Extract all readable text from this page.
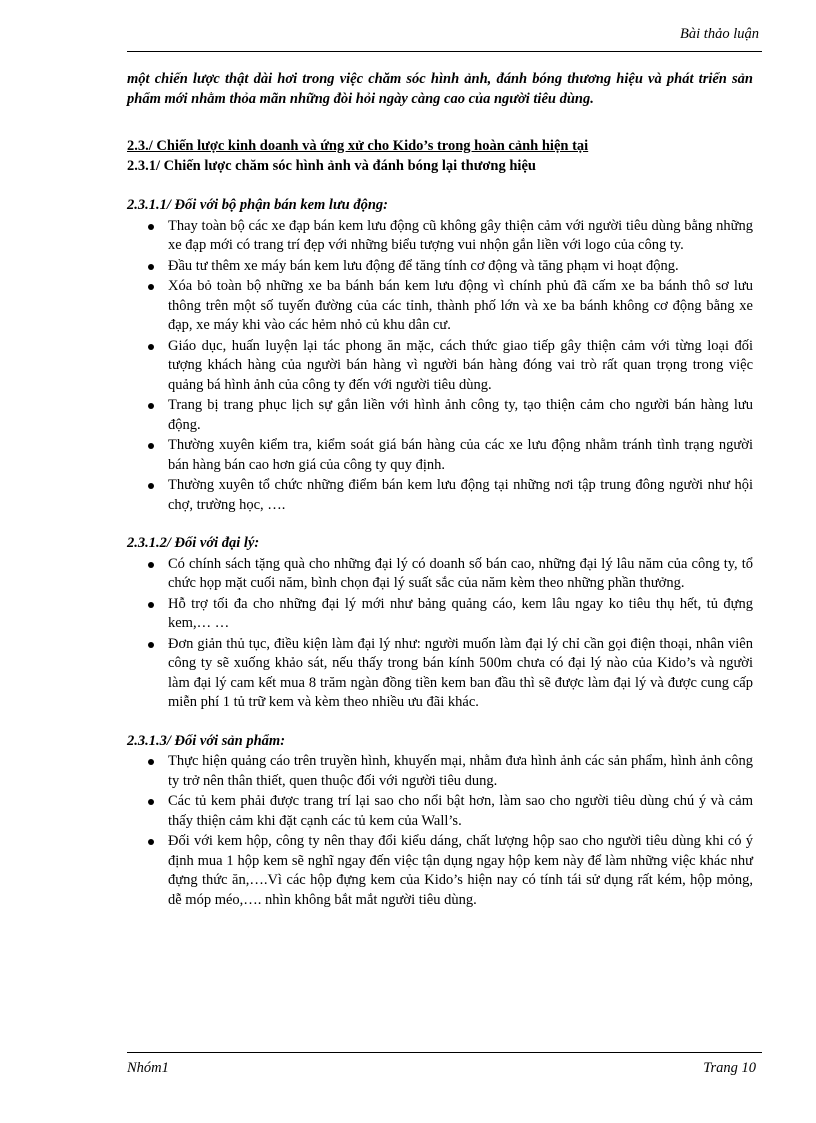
Bài thảo luận

một chiến lược thật dài hơi trong việc chăm sóc hình ảnh, đánh bóng thương hiệu và phát triển sản phẩm mới nhằm thỏa mãn những đòi hỏi ngày càng cao của người tiêu dùng.

2.3./ Chiến lược kinh doanh và ứng xử cho Kido’s trong hoàn cảnh hiện tại

2.3.1/ Chiến lược chăm sóc hình ảnh và đánh bóng lại thương hiệu

2.3.1.1/ Đối với bộ phận bán kem lưu động:

Thay toàn bộ các xe đạp bán kem lưu động cũ không gây thiện cảm với người tiêu dùng bằng những xe đạp mới có trang trí đẹp với những biểu tượng vui nhộn gắn liền với logo của công ty.
Đầu tư thêm xe máy bán kem lưu động để tăng tính cơ động và tăng phạm vi hoạt động.
Xóa bỏ toàn bộ những xe ba bánh bán kem lưu động vì chính phủ đã cấm xe ba bánh thô sơ lưu thông trên một số tuyến đường của các tỉnh, thành phố lớn và xe ba bánh không cơ động bằng xe đạp, xe máy khi vào các hẻm nhỏ củ khu dân cư.
Giáo dục, huấn luyện lại tác phong ăn mặc, cách thức giao tiếp gây thiện cảm với từng loại đối tượng khách hàng của người bán hàng vì người bán hàng đóng vai trò rất quan trọng trong việc quảng bá hình ảnh của công ty đến với người tiêu dùng.
Trang bị trang phục lịch sự gắn liền với hình ảnh công ty, tạo thiện cảm cho người bán hàng lưu động.
Thường xuyên kiểm tra, kiểm soát giá bán hàng của các xe lưu động nhằm tránh tình trạng người bán hàng bán cao hơn giá của công ty quy định.
Thường xuyên tổ chức những điểm bán kem lưu động tại những nơi tập trung đông người như hội chợ, trường học, ….

2.3.1.2/ Đối với đại lý:

Có chính sách tặng quà cho những đại lý có doanh số bán cao, những đại lý lâu năm của công ty, tổ chức họp mặt cuối năm, bình chọn đại lý suất sắc của năm kèm theo những phần thưởng.
Hỗ trợ tối đa cho những đại lý mới như bảng quảng cáo, kem lâu ngay ko tiêu thụ hết, tủ đựng kem,… …
Đơn giản thủ tục, điều kiện làm đại lý như: người muốn làm đại lý chỉ cần gọi điện thoại, nhân viên công ty sẽ xuống khảo sát, nếu thấy trong bán kính 500m chưa có đại lý nào của Kido’s và người làm đại lý cam kết mua 8 trăm ngàn đồng tiền kem ban đầu thì sẽ được làm đại lý và được cung cấp miễn phí 1 tủ trữ kem và kèm theo nhiều ưu đãi khác.

2.3.1.3/ Đối với sản phẩm:

Thực hiện quảng cáo trên truyền hình, khuyến mại, nhằm đưa hình ảnh các sản phẩm, hình ảnh công ty trở nên thân thiết, quen thuộc đối với người tiêu dung.
Các tủ kem phải được trang trí lại sao cho nổi bật hơn, làm sao cho người tiêu dùng chú ý và cảm thấy thiện cảm khi đặt cạnh các tủ kem của Wall’s.
Đối với kem hộp, công ty nên thay đổi kiểu dáng, chất lượng hộp sao cho người tiêu dùng khi có ý định mua 1 hộp kem sẽ nghĩ ngay đến việc tận dụng ngay hộp kem này để làm những việc khác như đựng thức ăn,….Vì các hộp đựng kem của Kido’s hiện nay có tính tái sử dụng rất kém, hộp mỏng, dễ móp méo,…. nhìn không bắt mắt người tiêu dùng.
Nhóm1	Trang 10
